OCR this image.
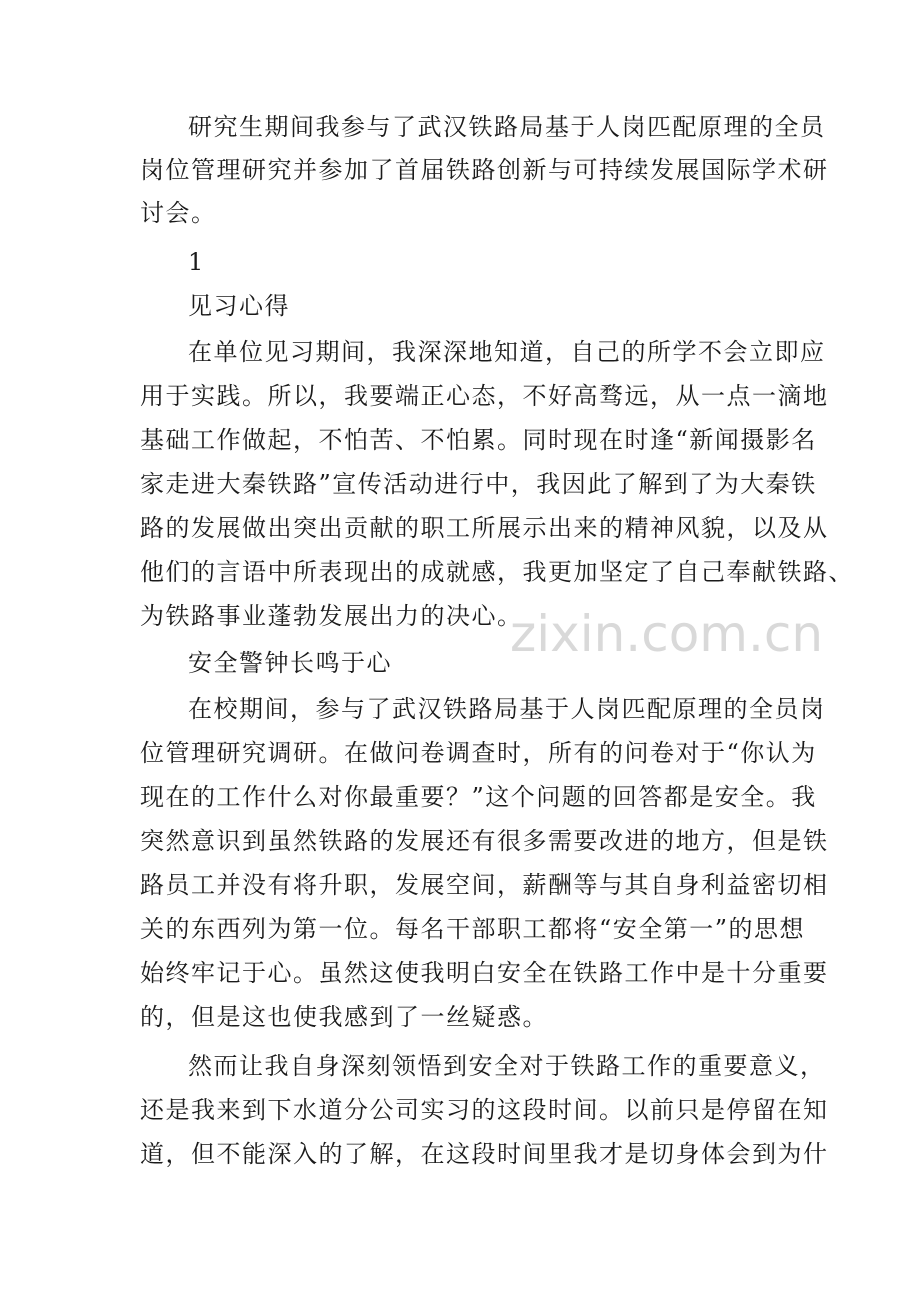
研究生期间我参与了武汉铁路局基于人岗匹配原理的全员
岗位管理研究并参加了首届铁路创新与可持续发展国际学术研
讨会。
1
见习心得
在单位见习期间，我深深地知道，自己的所学不会立即应
用于实践。所以，我要端正心态，不好高骛远，从一点一滴地
基础工作做起，不怕苦、不怕累。同时现在时逢“新闻摄影名
家走进大秦铁路”宣传活动进行中，我因此了解到了为大秦铁
路的发展做出突出贡献的职工所展示出来的精神风貌，以及从
他们的言语中所表现出的成就感，我更加坚定了自己奉献铁路、
为铁路事业蓬勃发展出力的决心。
安全警钟长鸣于心
在校期间，参与了武汉铁路局基于人岗匹配原理的全员岗
位管理研究调研。在做问卷调查时，所有的问卷对于“你认为
现在的工作什么对你最重要？”这个问题的回答都是安全。我
突然意识到虽然铁路的发展还有很多需要改进的地方，但是铁
路员工并没有将升职，发展空间，薪酬等与其自身利益密切相
关的东西列为第一位。每名干部职工都将“安全第一”的思想
始终牢记于心。虽然这使我明白安全在铁路工作中是十分重要
的，但是这也使我感到了一丝疑惑。
然而让我自身深刻领悟到安全对于铁路工作的重要意义，
还是我来到下水道分公司实习的这段时间。以前只是停留在知
道，但不能深入的了解，在这段时间里我才是切身体会到为什
zixin.com.cn
